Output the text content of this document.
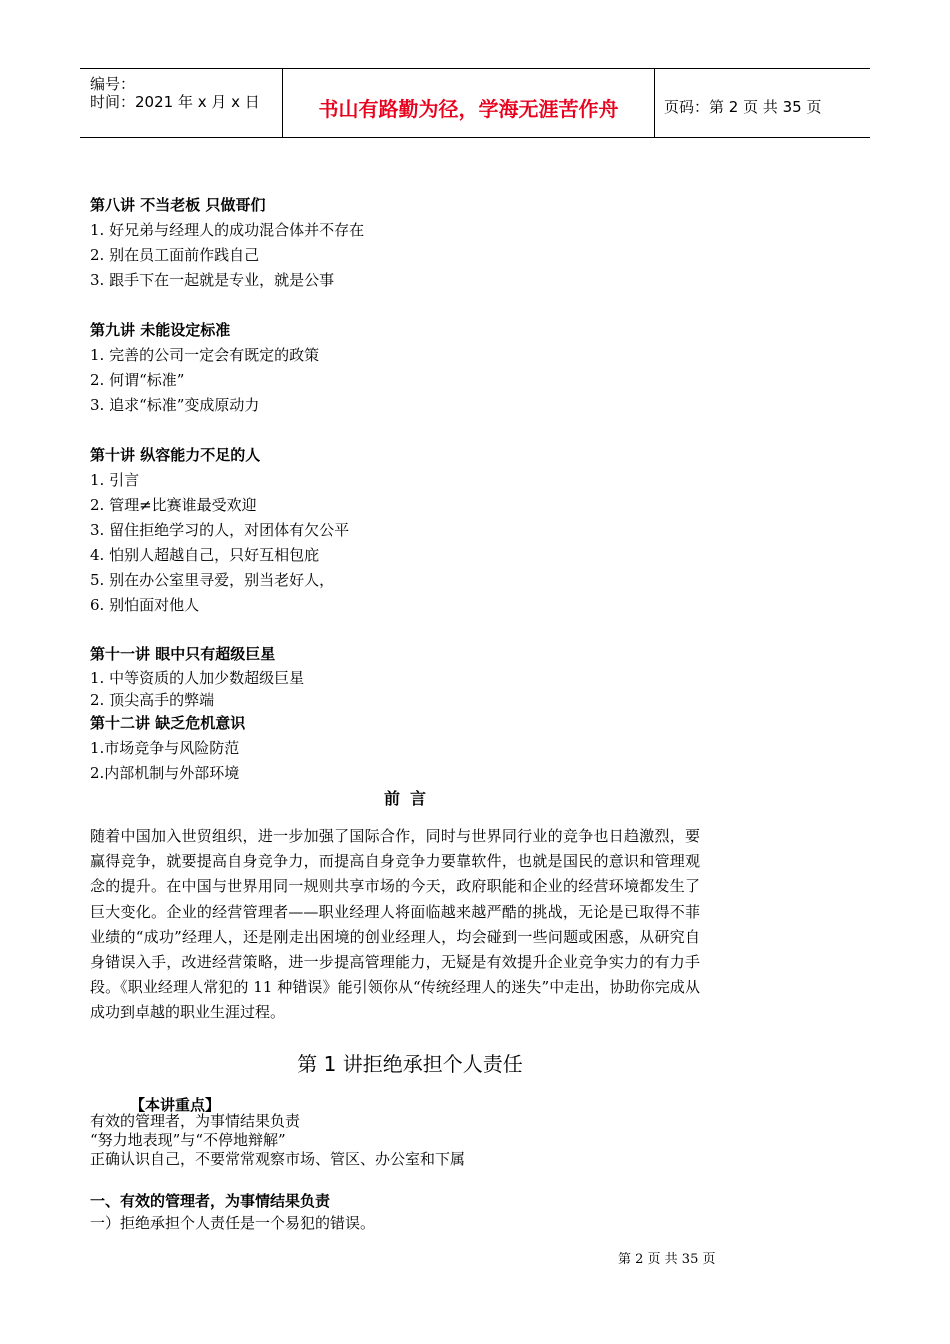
编号：
时间：2021 年 x 月 x 日	书山有路勤为径，学海无涯苦作舟	页码：第 2 页 共 35 页
第八讲 不当老板 只做哥们
1. 好兄弟与经理人的成功混合体并不存在
2. 别在员工面前作践自己
3. 跟手下在一起就是专业，就是公事
第九讲 未能设定标准
1. 完善的公司一定会有既定的政策
2. 何谓“标准”
3. 追求“标准”变成原动力
第十讲 纵容能力不足的人
1. 引言
2. 管理≠比赛谁最受欢迎
3. 留住拒绝学习的人，对团体有欠公平
4. 怕别人超越自己，只好互相包庇
5. 别在办公室里寻爱，别当老好人，
6. 别怕面对他人
第十一讲 眼中只有超级巨星
1. 中等资质的人加少数超级巨星
2. 顶尖高手的弊端
第十二讲 缺乏危机意识
1.市场竞争与风险防范
2.内部机制与外部环境
前言
随着中国加入世贸组织，进一步加强了国际合作，同时与世界同行业的竞争也日趋激烈，要赢得竞争，就要提高自身竞争力，而提高自身竞争力要靠软件，也就是国民的意识和管理观念的提升。在中国与世界用同一规则共享市场的今天，政府职能和企业的经营环境都发生了巨大变化。企业的经营管理者——职业经理人将面临越来越严酷的挑战，无论是已取得不菲业绩的“成功”经理人，还是刚走出困境的创业经理人，均会碰到一些问题或困惑，从研究自身错误入手，改进经营策略，进一步提高管理能力，无疑是有效提升企业竞争实力的有力手段。《职业经理人常犯的 11 种错误》能引领你从“传统经理人的迷失”中走出，协助你完成从成功到卓越的职业生涯过程。
第 1 讲拒绝承担个人责任
【本讲重点】
有效的管理者，为事情结果负责
“努力地表现”与“不停地辩解”
正确认识自己，不要常常观察市场、管区、办公室和下属
一、有效的管理者，为事情结果负责
一）拒绝承担个人责任是一个易犯的错误。
第 2 页 共 35 页
